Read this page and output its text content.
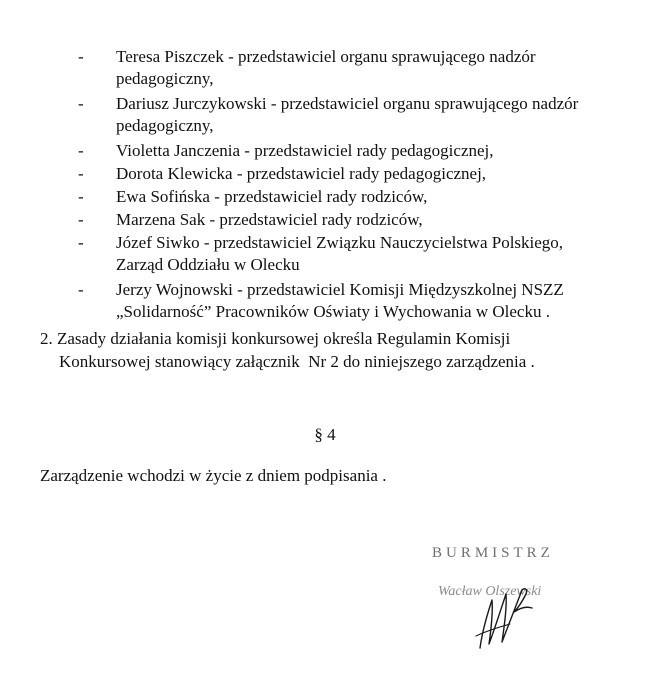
- Teresa Piszczek - przedstawiciel organu sprawującego nadzór
pedagogiczny,
- Dariusz Jurczykowski - przedstawiciel organu sprawującego nadzór
pedagogiczny,
- Violetta Janczenia - przedstawiciel rady pedagogicznej,
- Dorota Klewicka - przedstawiciel rady pedagogicznej,
- Ewa Sofińska - przedstawiciel rady rodziców,
- Marzena Sak - przedstawiciel rady rodziców,
- Józef Siwko - przedstawiciel Związku Nauczycielstwa Polskiego,
Zarząd Oddziału w Olecku
- Jerzy Wojnowski - przedstawiciel Komisji Międzyszkolnej NSZZ
„Solidarność” Pracowników Oświaty i Wychowania w Olecku .
2. Zasady działania komisji konkursowej określa Regulamin Komisji
Konkursowej stanowiący załącznik  Nr 2 do niniejszego zarządzenia .
§ 4
Zarządzenie wchodzi w życie z dniem podpisania .
BURMISTRZ
Wacław Olszewski
